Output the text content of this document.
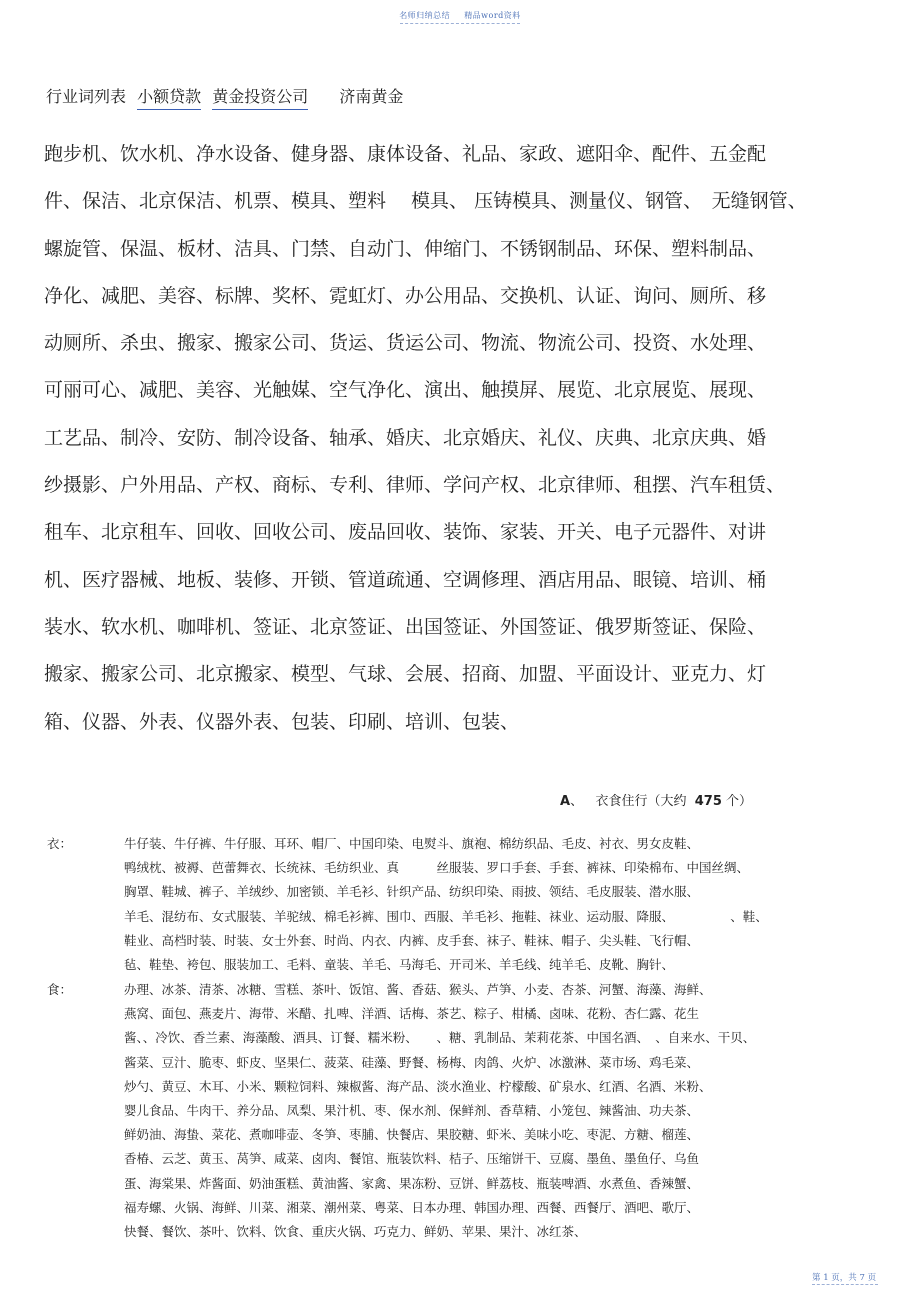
名师归纳总结 精品word资料
行业词列表 小额贷款 黄金投资公司 济南黄金
跑步机、饮水机、净水设备、健身器、康体设备、礼品、家政、遮阳伞、配件、五金配
件、保洁、北京保洁、机票、模具、塑料　 模具、 压铸模具、测量仪、钢管、　无缝钢管、
螺旋管、保温、板材、洁具、门禁、自动门、伸缩门、不锈钢制品、环保、塑料制品、
净化、减肥、美容、标牌、奖杯、霓虹灯、办公用品、交换机、认证、询问、厕所、移
动厕所、杀虫、搬家、搬家公司、货运、货运公司、物流、物流公司、投资、水处理、
可丽可心、减肥、美容、光触媒、空气净化、演出、触摸屏、展览、北京展览、展现、
工艺品、制冷、安防、制冷设备、轴承、婚庆、北京婚庆、礼仪、庆典、北京庆典、婚
纱摄影、户外用品、产权、商标、专利、律师、学问产权、北京律师、租摆、汽车租赁、
租车、北京租车、回收、回收公司、废品回收、装饰、家装、开关、电子元器件、对讲
机、医疗器械、地板、装修、开锁、管道疏通、空调修理、酒店用品、眼镜、培训、桶
装水、软水机、咖啡机、签证、北京签证、出国签证、外国签证、俄罗斯签证、保险、
搬家、搬家公司、北京搬家、模型、气球、会展、招商、加盟、平面设计、亚克力、灯
箱、仪器、外表、仪器外表、包装、印刷、培训、包装、
A、 衣食住行（大约 475 个）
衣：	牛仔装、牛仔裤、牛仔服、耳环、帽厂、中国印染、电熨斗、旗袍、棉纺织品、毛皮、衬衣、男女皮鞋、
鸭绒枕、被褥、芭蕾舞衣、长统袜、毛纺织业、真　　　丝服装、罗口手套、手套、裤袜、印染棉布、中国丝绸、
胸罩、鞋城、裤子、羊绒纱、加密锁、羊毛衫、针织产品、纺织印染、雨披、领结、毛皮服装、潜水服、
羊毛、混纺布、女式服装、羊驼绒、棉毛衫裤、围巾、西服、羊毛衫、拖鞋、袜业、运动服、降服、　　　　　、鞋、
鞋业、高档时装、时装、女士外套、时尚、内衣、内裤、皮手套、袜子、鞋袜、帽子、尖头鞋、飞行帽、
毡、鞋垫、袴包、服装加工、毛料、童装、羊毛、马海毛、开司米、羊毛线、纯羊毛、皮靴、胸针、
食：	办理、冰茶、清茶、冰糖、雪糕、茶叶、饭馆、酱、香菇、猴头、芦笋、小麦、杏茶、河蟹、海藻、海鲜、
燕窝、面包、燕麦片、海带、米醋、扎啤、洋酒、话梅、茶艺、粽子、柑橘、卤味、花粉、杏仁露、花生
酱、、冷饮、香兰素、海藻酸、酒具、订餐、糯米粉、　　、糖、乳制品、茉莉花茶、中国名酒、　、自来水、干贝、
酱菜、豆汁、脆枣、虾皮、坚果仁、菠菜、硅藻、野餐、杨梅、肉鸽、火炉、冰激淋、菜市场、鸡毛菜、
炒勺、黄豆、木耳、小米、颗粒饲料、辣椒酱、海产品、淡水渔业、柠檬酸、矿泉水、红酒、名酒、米粉、
婴儿食品、牛肉干、养分品、凤梨、果汁机、枣、保水剂、保鲜剂、香草精、小笼包、辣酱油、功夫茶、
鲜奶油、海蛰、菜花、煮咖啡壶、冬笋、枣脯、快餐店、果胶糖、虾米、美味小吃、枣泥、方糖、榴莲、
香椿、云芝、黄玉、莴笋、咸菜、卤肉、餐馆、瓶装饮料、桔子、压缩饼干、豆腐、墨鱼、墨鱼仔、乌鱼
蛋、海棠果、炸酱面、奶油蛋糕、黄油酱、家禽、果冻粉、豆饼、鲜荔枝、瓶装啤酒、水煮鱼、香辣蟹、
福寿螺、火锅、海鲜、川菜、湘菜、潮州菜、粤菜、日本办理、韩国办理、西餐、西餐厅、酒吧、歌厅、
快餐、餐饮、茶叶、饮料、饮食、重庆火锅、巧克力、鲜奶、苹果、果汁、冰红茶、
第 1 页，共 7 页
